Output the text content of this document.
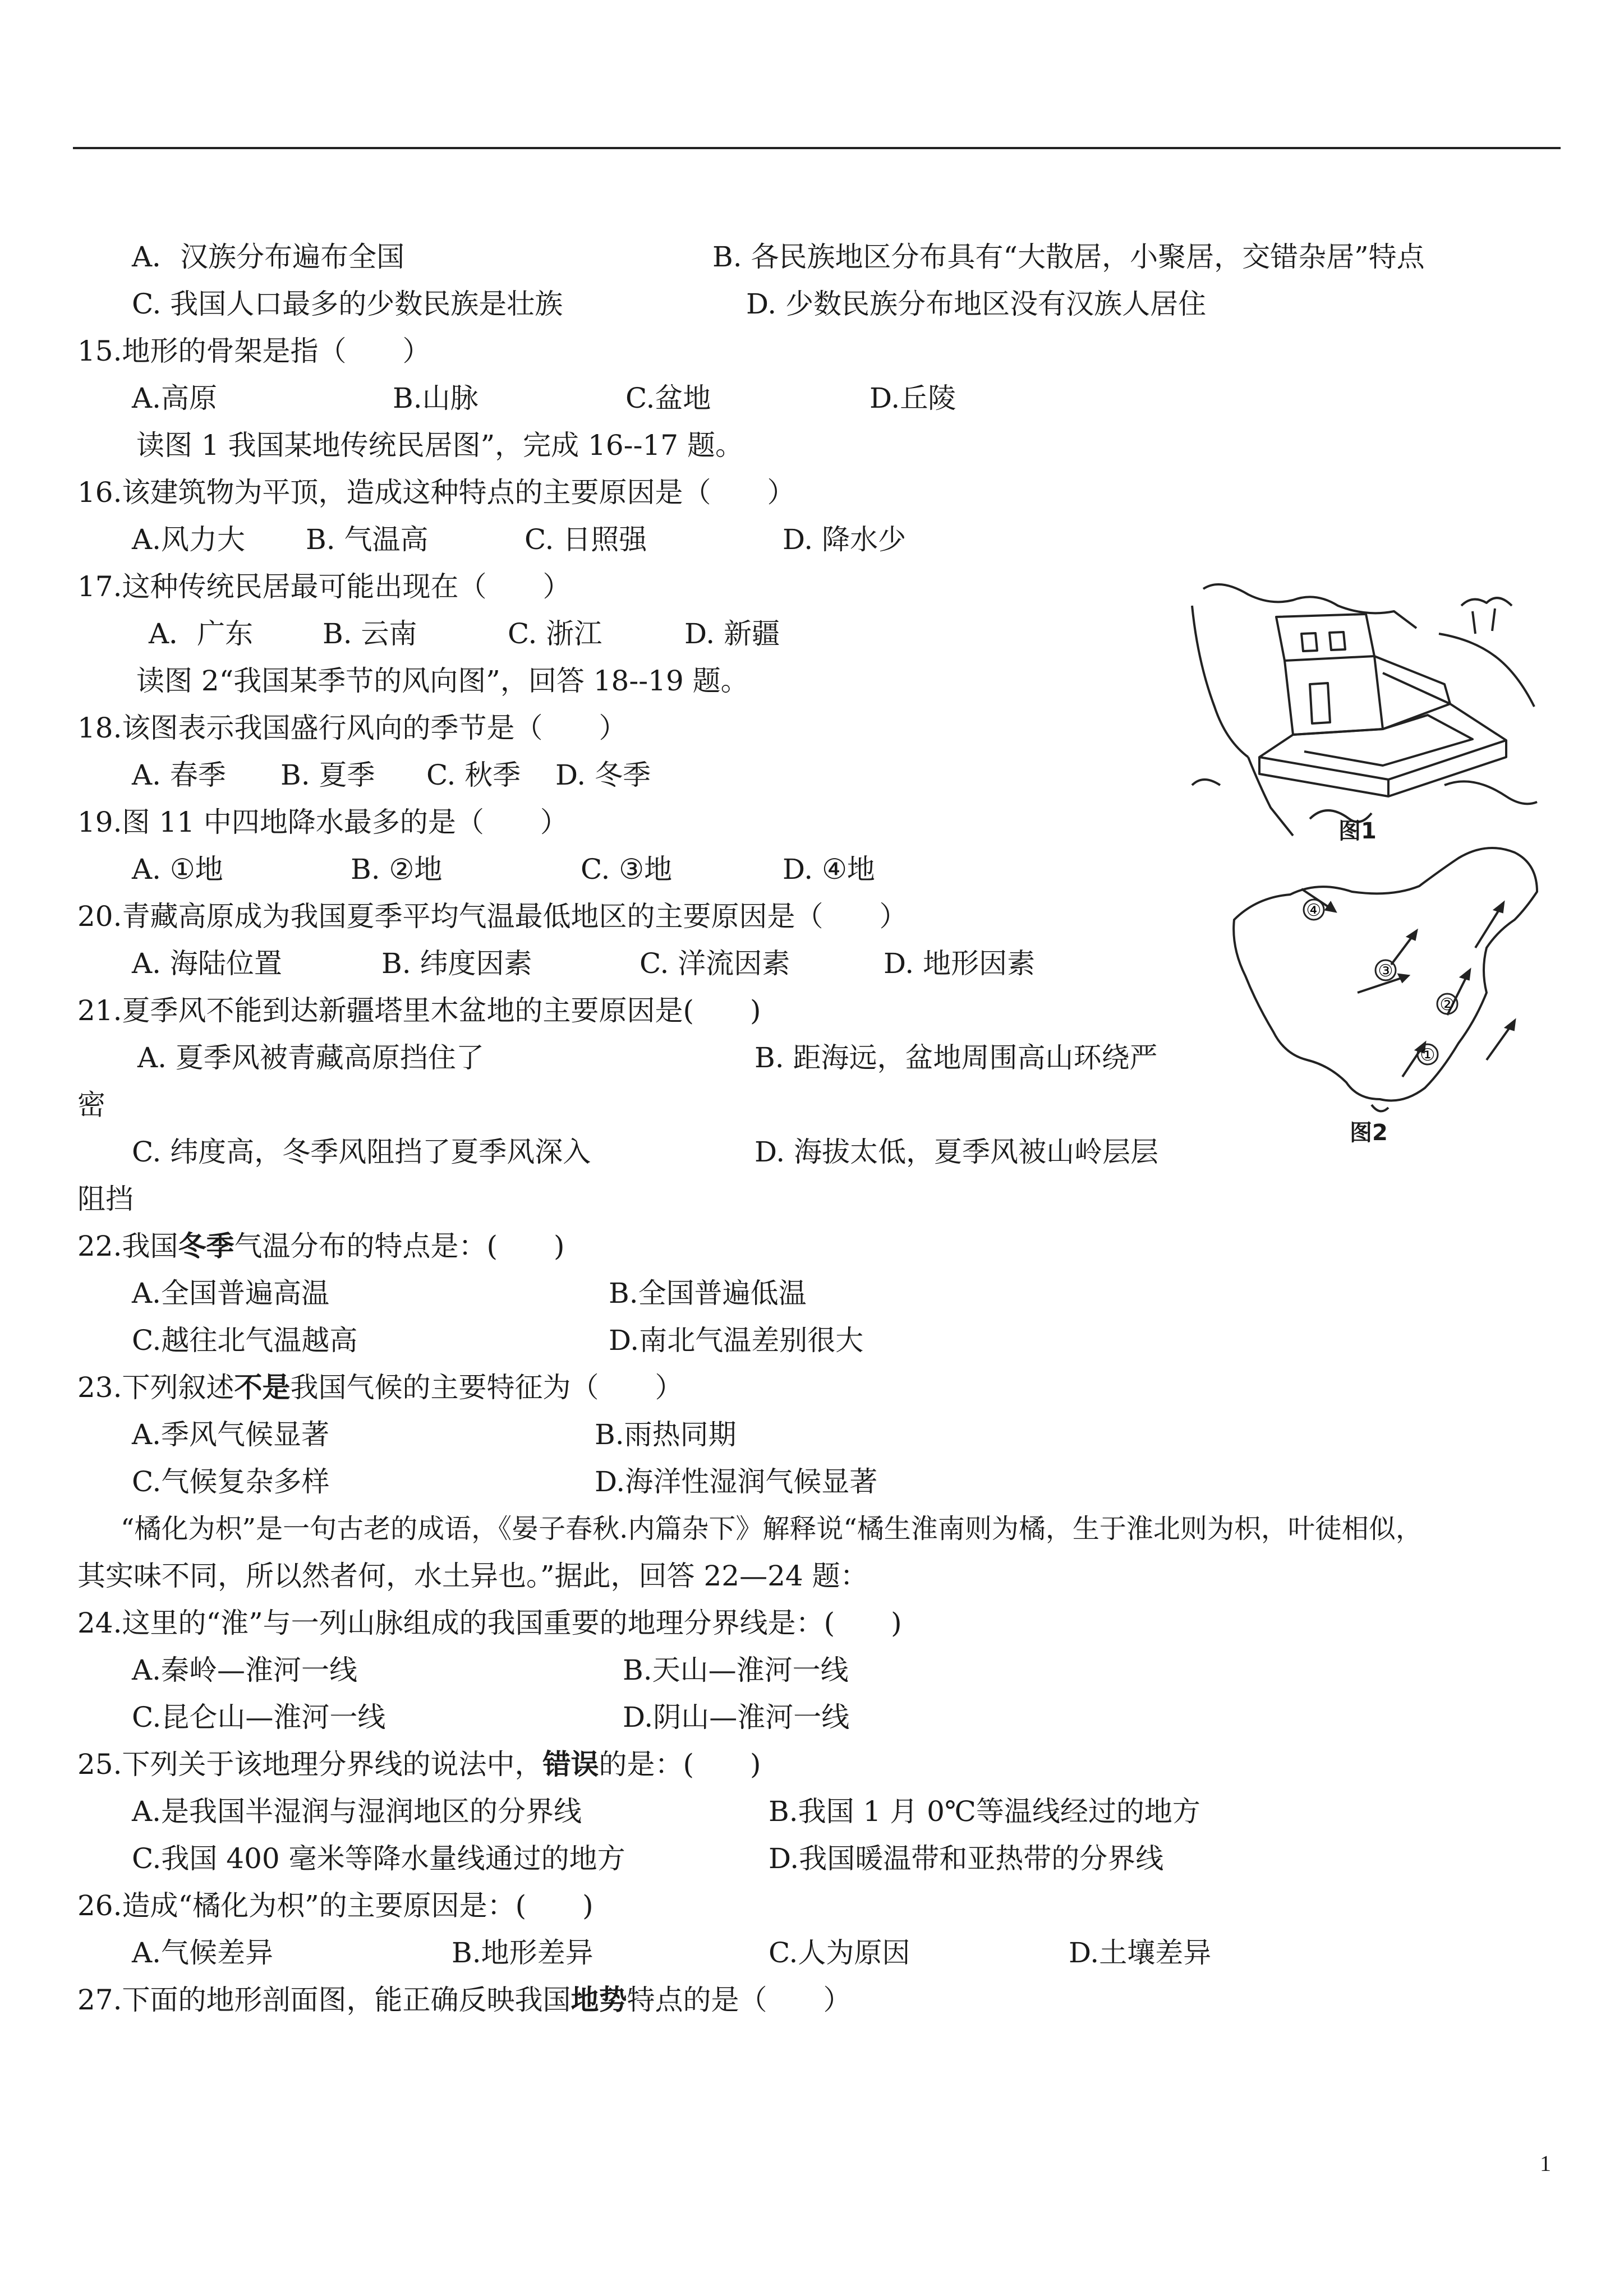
A．汉族分布遍布全国	B. 各民族地区分布具有“大散居，小聚居，交错杂居”特点
C. 我国人口最多的少数民族是壮族	D. 少数民族分布地区没有汉族人居住
15.地形的骨架是指（　　）
A.高原	B.山脉	C.盆地	D.丘陵
读图 1 我国某地传统民居图”，完成 16--17 题。
16.该建筑物为平顶，造成这种特点的主要原因是（　　）
A.风力大 B. 气温高	C. 日照强	D. 降水少
17.这种传统民居最可能出现在（　　）
A．广东 B. 云南	C. 浙江	D. 新疆
读图 2“我国某季节的风向图”，回答 18--19 题。
18.该图表示我国盛行风向的季节是（　　）
A. 春季 B. 夏季 C. 秋季 D. 冬季
19.图 11 中四地降水最多的是（　　）
A. ①地	B. ②地	C. ③地	D. ④地
20.青藏高原成为我国夏季平均气温最低地区的主要原因是（　　）
A. 海陆位置	B. 纬度因素	C. 洋流因素	D. 地形因素
21.夏季风不能到达新疆塔里木盆地的主要原因是(　　)
A. 夏季风被青藏高原挡住了	B. 距海远，盆地周围高山环绕严
密
C. 纬度高，冬季风阻挡了夏季风深入	D. 海拔太低，夏季风被山岭层层
阻挡
22.我国冬季气温分布的特点是：(　　)
A.全国普遍高温	B.全国普遍低温
C.越往北气温越高	D.南北气温差别很大
23.下列叙述不是我国气候的主要特征为（　　）
A.季风气候显著	B.雨热同期
C.气候复杂多样	D.海洋性湿润气候显著
“橘化为枳”是一句古老的成语，《晏子春秋.内篇杂下》解释说“橘生淮南则为橘，生于淮北则为枳，叶徒相似，
其实味不同，所以然者何，水土异也。”据此，回答 22—24 题：
24.这里的“淮”与一列山脉组成的我国重要的地理分界线是：(　　)
A.秦岭—淮河一线	B.天山—淮河一线
C.昆仑山—淮河一线	D.阴山—淮河一线
25.下列关于该地理分界线的说法中，错误的是：(　　)
A.是我国半湿润与湿润地区的分界线	B.我国 1 月 0℃等温线经过的地方
C.我国 400 毫米等降水量线通过的地方	D.我国暖温带和亚热带的分界线
26.造成“橘化为枳”的主要原因是：(　　)
A.气候差异	B.地形差异	C.人为原因	D.土壤差异
27.下面的地形剖面图，能正确反映我国地势特点的是（　　）
图1
④
③
②
①
图2
1
